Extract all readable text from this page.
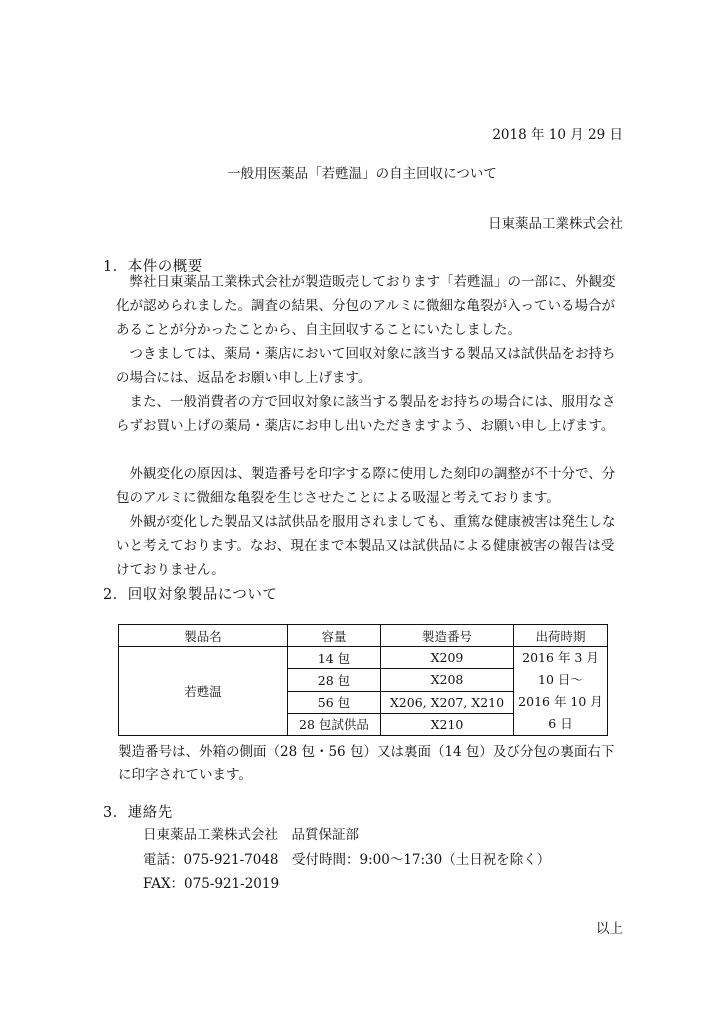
2018 年 10 月 29 日
一般用医薬品「若甦温」の自主回収について
日東薬品工業株式会社
1．本件の概要

弊社日東薬品工業株式会社が製造販売しております「若甦温」の一部に、外観変化が認められました。調査の結果、分包のアルミに微細な亀裂が入っている場合があることが分かったことから、自主回収することにいたしました。

つきましては、薬局・薬店において回収対象に該当する製品又は試供品をお持ちの場合には、返品をお願い申し上げます。

また、一般消費者の方で回収対象に該当する製品をお持ちの場合には、服用なさらずお買い上げの薬局・薬店にお申し出いただきますよう、お願い申し上げます。

外観変化の原因は、製造番号を印字する際に使用した刻印の調整が不十分で、分包のアルミに微細な亀裂を生じさせたことによる吸湿と考えております。

外観が変化した製品又は試供品を服用されましても、重篤な健康被害は発生しないと考えております。なお、現在まで本製品又は試供品による健康被害の報告は受けておりません。

2．回収対象製品について
製品名	容量	製造番号	出荷時期
若甦温	14 包	X209	2016 年 3 月 10 日～
2016 年 10 月 6 日

	28 包	X208	
	56 包	X206, X207, X210	
	28 包試供品	X210	
製造番号は、外箱の側面（28 包・56 包）又は裏面（14 包）及び分包の裏面右下に印字されています。
3．連絡先
日東薬品工業株式会社　品質保証部
電話：075-921-7048　受付時間：9:00～17:30（土日祝を除く）
FAX：075-921-2019
以上
